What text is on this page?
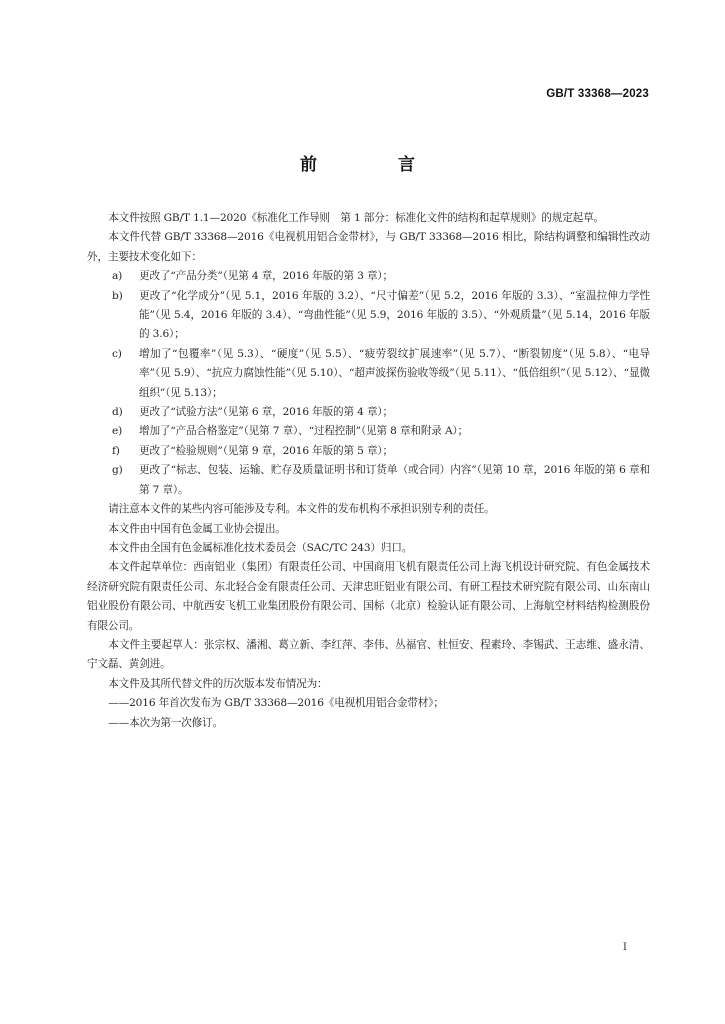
GB/T 33368—2023
前　言

本文件按照 GB/T 1.1—2020《标准化工作导则　第 1 部分：标准化文件的结构和起草规则》的规定起草。

本文件代替 GB/T 33368—2016《电视机用铝合金带材》，与 GB/T 33368—2016 相比，除结构调整和编辑性改动外，主要技术变化如下：

a) 更改了“产品分类”（见第 4 章，2016 年版的第 3 章）；
b) 更改了“化学成分”（见 5.1，2016 年版的 3.2）、“尺寸偏差”（见 5.2，2016 年版的 3.3）、“室温拉伸力学性能”（见 5.4，2016 年版的 3.4）、“弯曲性能”（见 5.9，2016 年版的 3.5）、“外观质量”（见 5.14，2016 年版的 3.6）；
c) 增加了“包覆率”（见 5.3）、“硬度”（见 5.5）、“疲劳裂纹扩展速率”（见 5.7）、“断裂韧度”（见 5.8）、“电导率”（见 5.9）、“抗应力腐蚀性能”（见 5.10）、“超声波探伤验收等级”（见 5.11）、“低倍组织”（见 5.12）、“显微组织”（见 5.13）；
d) 更改了“试验方法”（见第 6 章，2016 年版的第 4 章）；
e) 增加了“产品合格鉴定”（见第 7 章）、“过程控制”（见第 8 章和附录 A）；
f) 更改了“检验规则”（见第 9 章，2016 年版的第 5 章）；
g) 更改了“标志、包装、运输、贮存及质量证明书和订货单（或合同）内容”（见第 10 章，2016 年版的第 6 章和第 7 章）。

请注意本文件的某些内容可能涉及专利。本文件的发布机构不承担识别专利的责任。

本文件由中国有色金属工业协会提出。

本文件由全国有色金属标准化技术委员会（SAC/TC 243）归口。

本文件起草单位：西南铝业（集团）有限责任公司、中国商用飞机有限责任公司上海飞机设计研究院、有色金属技术经济研究院有限责任公司、东北轻合金有限责任公司、天津忠旺铝业有限公司、有研工程技术研究院有限公司、山东南山铝业股份有限公司、中航西安飞机工业集团股份有限公司、国标（北京）检验认证有限公司、上海航空材料结构检测股份有限公司。

本文件主要起草人：张宗权、潘湘、葛立新、李红萍、李伟、丛福官、杜恒安、程素玲、李锡武、王志维、盛永清、宁文磊、黄剑进。

本文件及其所代替文件的历次版本发布情况为：

——2016 年首次发布为 GB/T 33368—2016《电视机用铝合金带材》；

——本次为第一次修订。

I
